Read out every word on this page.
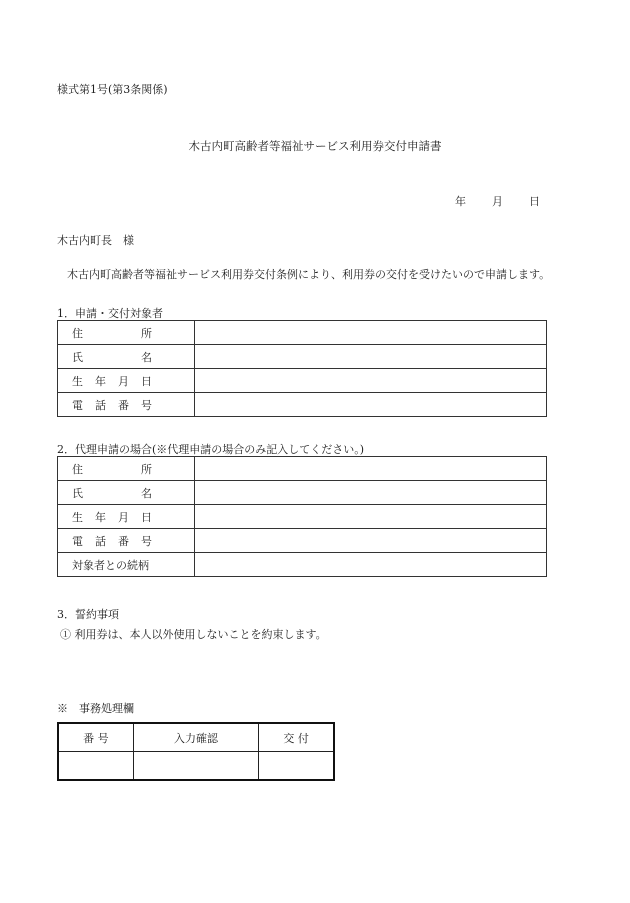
様式第1号(第3条関係)
木古内町高齢者等福祉サービス利用券交付申請書
年 月 日
木古内町長　様
木古内町高齢者等福祉サービス利用券交付条例により、利用券の交付を受けたいので申請します。
1．申請・交付対象者
住 所	

氏 名	

生 年 月 日	

電 話 番 号	

2．代理申請の場合(※代理申請の場合のみ記入してください。)
住 所	

氏 名	

生 年 月 日	

電 話 番 号	

対象者との続柄	

3．誓約事項
① 利用券は、本人以外使用しないことを約束します。
※　事務処理欄
番 号	入力確認	交 付
